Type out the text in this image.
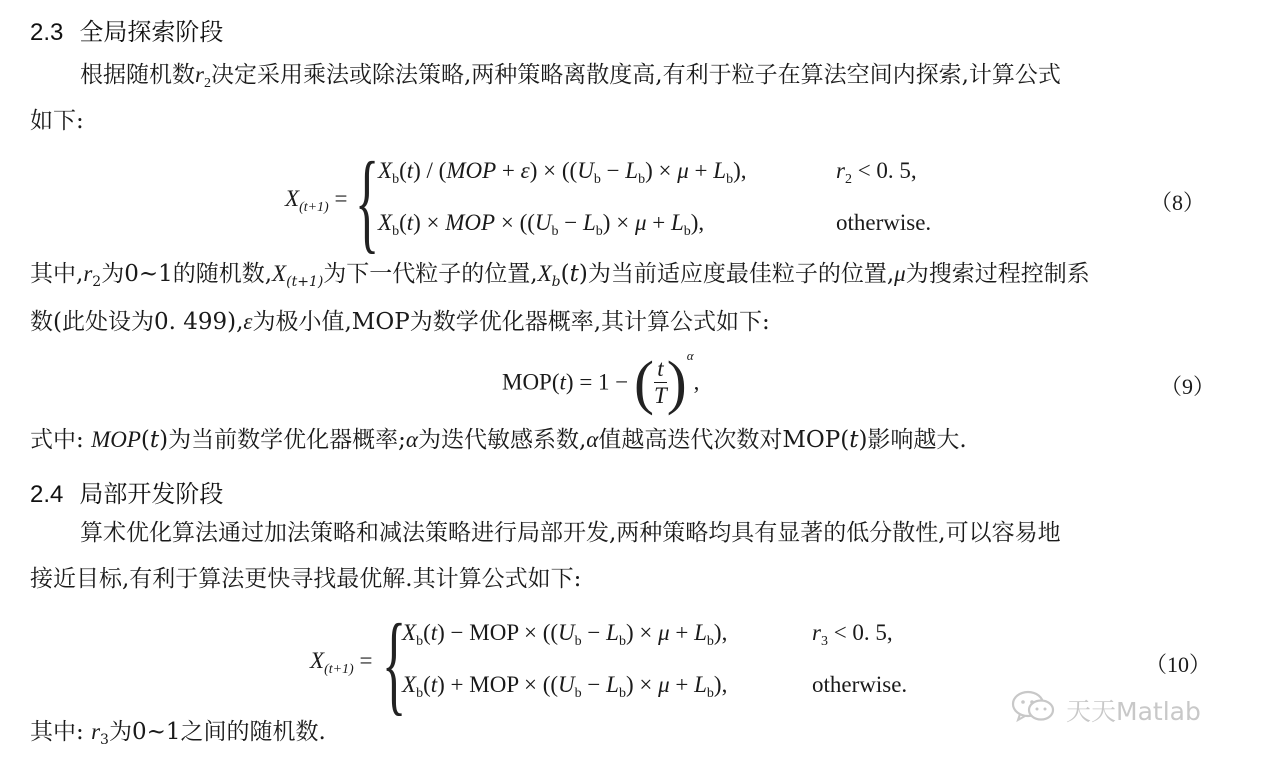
2.3 全局探索阶段
根据随机数$r_2$决定采用乘法或除法策略,两种策略离散度高,有利于粒子在算法空间内探索,计算公式
如下:
$X_{(t+1)}$ = {
$X_b(t) / (MOP + \varepsilon) \times ((U_b - L_b) \times \mu + L_b)$,	$r_2 < 0$. 5,
$X_b(t)$ × MOP × $((U_b - L_b) \times \mu + L_b)$,	otherwise.
（8）
其中$,r_2$为0~1的随机数$,X_{(t+1)}$为下一代粒子的位置$,X_b(t)$为当前适应度最佳粒子的位置,μ为搜索过程控制系
数(此处设为0. 499),ε为极小值,MOP为数学优化器概率,其计算公式如下:
MOP(t) = 1 − ( $\frac{t}{T} )^\alpha$,	（9）
式中: MOP(t)为当前数学优化器概率;α为迭代敏感系数,α值越高迭代次数对MOP(t)影响越大.
2.4 局部开发阶段
算术优化算法通过加法策略和减法策略进行局部开发,两种策略均具有显著的低分散性,可以容易地
接近目标,有利于算法更快寻找最优解.其计算公式如下:
$X_{(t+1)}$ = {
$X_b(t)$ − MOP × $((U_b - L_b) \times \mu + L_b)$,	$r_3 < 0$. 5,
$X_b(t)$ + MOP × $((U_b - L_b) \times \mu + L_b)$,	otherwise.
（10）
其中: $r_3$为0~1之间的随机数.
天天Matlab
